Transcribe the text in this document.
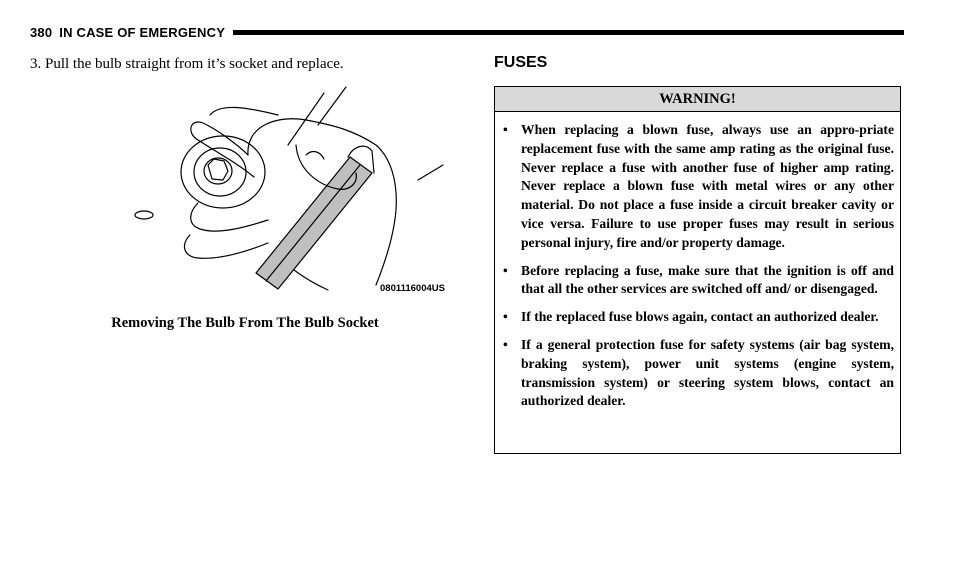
380 IN CASE OF EMERGENCY
3. Pull the bulb straight from it’s socket and replace.
0801116004US
Removing The Bulb From The Bulb Socket
FUSES
WARNING!
• When replacing a blown fuse, always use an appro-priate replacement fuse with the same amp rating as the original fuse. Never replace a fuse with another fuse of higher amp rating. Never replace a blown fuse with metal wires or any other material. Do not place a fuse inside a circuit breaker cavity or vice versa. Failure to use proper fuses may result in serious personal injury, fire and/or property damage.
• Before replacing a fuse, make sure that the ignition is off and that all the other services are switched off and/ or disengaged.
• If the replaced fuse blows again, contact an authorized dealer.
• If a general protection fuse for safety systems (air bag system, braking system), power unit systems (engine system, transmission system) or steering system blows, contact an authorized dealer.
